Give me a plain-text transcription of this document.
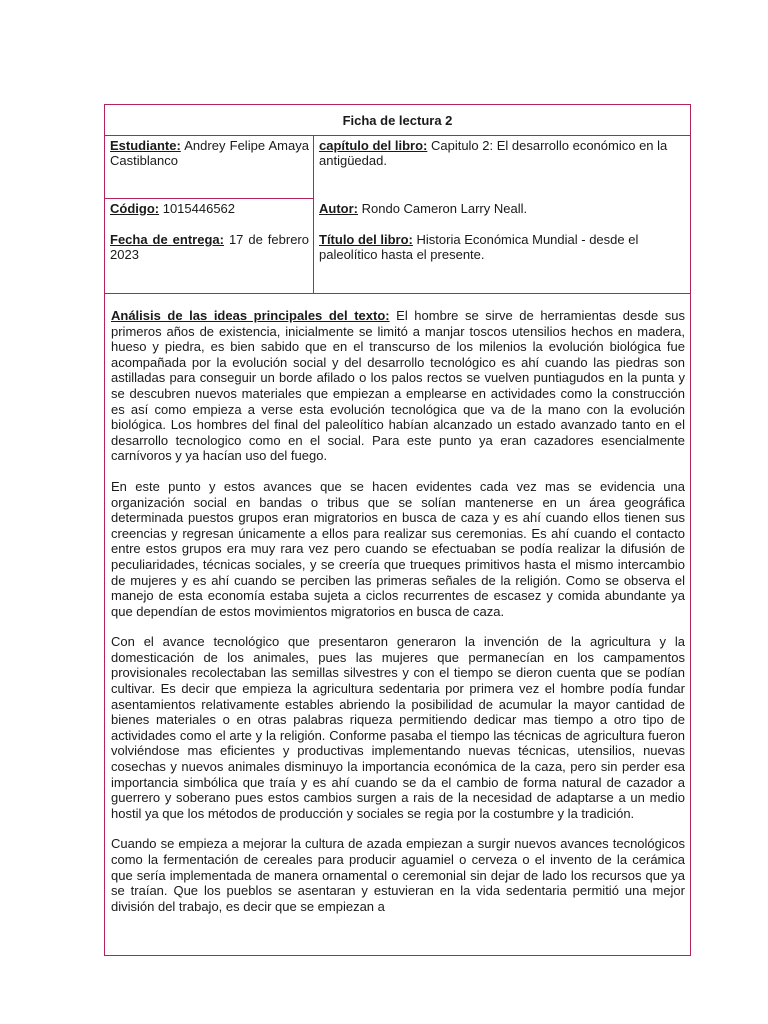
Ficha de lectura 2
Estudiante: Andrey Felipe Amaya Castiblanco
Código: 1015446562
Fecha de entrega: 17 de febrero 2023
capítulo del libro: Capitulo 2: El desarrollo económico en la antigüedad.
Autor: Rondo Cameron Larry Neall.
Título del libro: Historia Económica Mundial - desde el paleolítico hasta el presente.

Análisis de las ideas principales del texto: El hombre se sirve de herramientas desde sus primeros años de existencia, inicialmente se limitó a manjar toscos utensilios hechos en madera, hueso y piedra, es bien sabido que en el transcurso de los milenios la evolución biológica fue acompañada por la evolución social y del desarrollo tecnológico es ahí cuando las piedras son astilladas para conseguir un borde afilado o los palos rectos se vuelven puntiagudos en la punta y se descubren nuevos materiales que empiezan a emplearse en actividades como la construcción es así como empieza a verse esta evolución tecnológica que va de la mano con la evolución biológica. Los hombres del final del paleolítico habían alcanzado un estado avanzado tanto en el desarrollo tecnologico como en el social. Para este punto ya eran cazadores esencialmente carnívoros y ya hacían uso del fuego.

En este punto y estos avances que se hacen evidentes cada vez mas se evidencia una organización social en bandas o tribus que se solían mantenerse en un área geográfica determinada puestos grupos eran migratorios en busca de caza y es ahí cuando ellos tienen sus creencias y regresan únicamente a ellos para realizar sus ceremonias. Es ahí cuando el contacto entre estos grupos era muy rara vez pero cuando se efectuaban se podía realizar la difusión de peculiaridades, técnicas sociales, y se creería que trueques primitivos hasta el mismo intercambio de mujeres y es ahí cuando se perciben las primeras señales de la religión. Como se observa el manejo de esta economía estaba sujeta a ciclos recurrentes de escasez y comida abundante ya que dependían de estos movimientos migratorios en busca de caza.

Con el avance tecnológico que presentaron generaron la invención de la agricultura y la domesticación de los animales, pues las mujeres que permanecían en los campamentos provisionales recolectaban las semillas silvestres y con el tiempo se dieron cuenta que se podían cultivar. Es decir que empieza la agricultura sedentaria por primera vez el hombre podía fundar asentamientos relativamente estables abriendo la posibilidad de acumular la mayor cantidad de bienes materiales o en otras palabras riqueza permitiendo dedicar mas tiempo a otro tipo de actividades como el arte y la religión. Conforme pasaba el tiempo las técnicas de agricultura fueron volviéndose mas eficientes y productivas implementando nuevas técnicas, utensilios, nuevas cosechas y nuevos animales disminuyo la importancia económica de la caza, pero sin perder esa importancia simbólica que traía y es ahí cuando se da el cambio de forma natural de cazador a guerrero y soberano pues estos cambios surgen a rais de la necesidad de adaptarse a un medio hostil ya que los métodos de producción y sociales se regia por la costumbre y la tradición.

Cuando se empieza a mejorar la cultura de azada empiezan a surgir nuevos avances tecnológicos como la fermentación de cereales para producir aguamiel o cerveza o el invento de la cerámica que sería implementada de manera ornamental o ceremonial sin dejar de lado los recursos que ya se traían. Que los pueblos se asentaran y estuvieran en la vida sedentaria permitió una mejor división del trabajo, es decir que se empiezan a
